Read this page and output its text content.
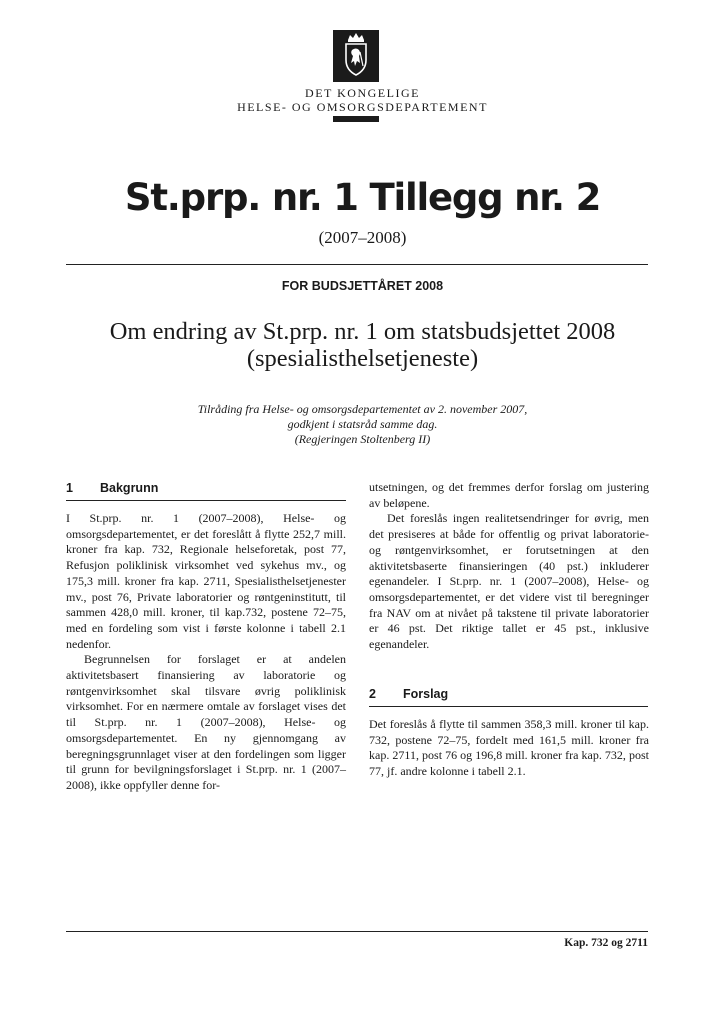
DET KONGELIGE
HELSE- OG OMSORGSDEPARTEMENT
St.prp. nr. 1 Tillegg nr. 2
(2007–2008)
FOR BUDSJETTÅRET 2008
Om endring av St.prp. nr. 1 om statsbudsjettet 2008
(spesialisthelsetjeneste)
Tilråding fra Helse- og omsorgsdepartementet av 2. november 2007,
godkjent i statsråd samme dag.
(Regjeringen Stoltenberg II)
1 Bakgrunn

I St.prp. nr. 1 (2007–2008), Helse- og omsorgsdepartementet, er det foreslått å flytte 252,7 mill. kroner fra kap. 732, Regionale helseforetak, post 77, Refusjon poliklinisk virksomhet ved sykehus mv., og 175,3 mill. kroner fra kap. 2711, Spesialisthelsetjenester mv., post 76, Private laboratorier og røntgeninstitutt, til sammen 428,0 mill. kroner, til kap.732, postene 72–75, med en fordeling som vist i første kolonne i tabell 2.1 nedenfor.

Begrunnelsen for forslaget er at andelen aktivitetsbasert finansiering av laboratorie og røntgenvirksomhet skal tilsvare øvrig poliklinisk virksomhet. For en nærmere omtale av forslaget vises det til St.prp. nr. 1 (2007–2008), Helse- og omsorgsdepartementet. En ny gjennomgang av beregningsgrunnlaget viser at den fordelingen som ligger til grunn for bevilgningsforslaget i St.prp. nr. 1 (2007–2008), ikke oppfyller denne for-

utsetningen, og det fremmes derfor forslag om justering av beløpene.

Det foreslås ingen realitetsendringer for øvrig, men det presiseres at både for offentlig og privat laboratorie- og røntgenvirksomhet, er forutsetningen at den aktivitetsbaserte finansieringen (40 pst.) inkluderer egenandeler. I St.prp. nr. 1 (2007–2008), Helse- og omsorgsdepartementet, er det videre vist til beregninger fra NAV om at nivået på takstene til private laboratorier er 46 pst. Det riktige tallet er 45 pst., inklusive egenandeler.

2 Forslag

Det foreslås å flytte til sammen 358,3 mill. kroner til kap. 732, postene 72–75, fordelt med 161,5 mill. kroner fra kap. 2711, post 76 og 196,8 mill. kroner fra kap. 732, post 77, jf. andre kolonne i tabell 2.1.

Kap. 732 og 2711
